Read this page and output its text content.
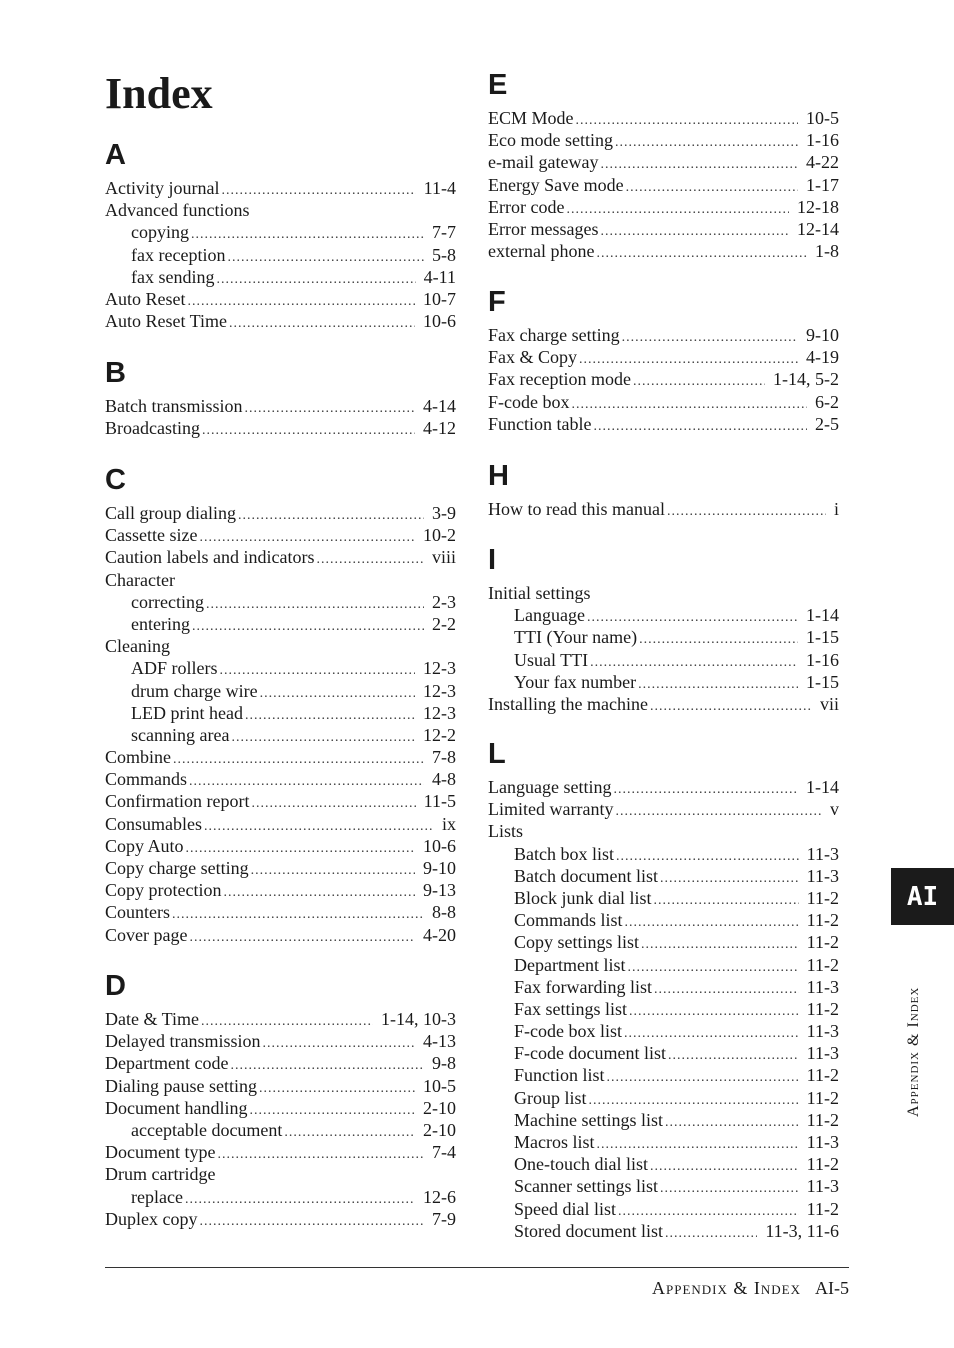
Index
A
Activity journal .....	11-4
Advanced functions
copying .....	7-7
fax reception .....	5-8
fax sending .....	4-11
Auto Reset .....	10-7
Auto Reset Time .....	10-6
B
Batch transmission .....	4-14
Broadcasting .....	4-12
C
Call group dialing .....	3-9
Cassette size .....	10-2
Caution labels and indicators .....	viii
Character
correcting .....	2-3
entering .....	2-2
Cleaning
ADF rollers .....	12-3
drum charge wire .....	12-3
LED print head .....	12-3
scanning area .....	12-2
Combine .....	7-8
Commands .....	4-8
Confirmation report .....	11-5
Consumables .....	ix
Copy Auto .....	10-6
Copy charge setting .....	9-10
Copy protection .....	9-13
Counters .....	8-8
Cover page .....	4-20
D
Date & Time .....	1-14, 10-3
Delayed transmission .....	4-13
Department code .....	9-8
Dialing pause setting .....	10-5
Document handling .....	2-10
acceptable document .....	2-10
Document type .....	7-4
Drum cartridge
replace .....	12-6
Duplex copy .....	7-9
E
ECM Mode .....	10-5
Eco mode setting .....	1-16
e-mail gateway .....	4-22
Energy Save mode .....	1-17
Error code .....	12-18
Error messages .....	12-14
external phone .....	1-8
F
Fax charge setting .....	9-10
Fax & Copy .....	4-19
Fax reception mode .....	1-14, 5-2
F-code box .....	6-2
Function table .....	2-5
H
How to read this manual .....	i
I
Initial settings
Language .....	1-14
TTI (Your name) .....	1-15
Usual TTI .....	1-16
Your fax number .....	1-15
Installing the machine .....	vii
L
Language setting .....	1-14
Limited warranty .....	v
Lists
Batch box list .....	11-3
Batch document list .....	11-3
Block junk dial list .....	11-2
Commands list .....	11-2
Copy settings list .....	11-2
Department list .....	11-2
Fax forwarding list .....	11-3
Fax settings list .....	11-2
F-code box list .....	11-3
F-code document list .....	11-3
Function list .....	11-2
Group list .....	11-2
Machine settings list .....	11-2
Macros list .....	11-3
One-touch dial list .....	11-2
Scanner settings list .....	11-3
Speed dial list .....	11-2
Stored document list .....	11-3, 11-6
AI
Appendix & Index
Appendix & Index AI-5
